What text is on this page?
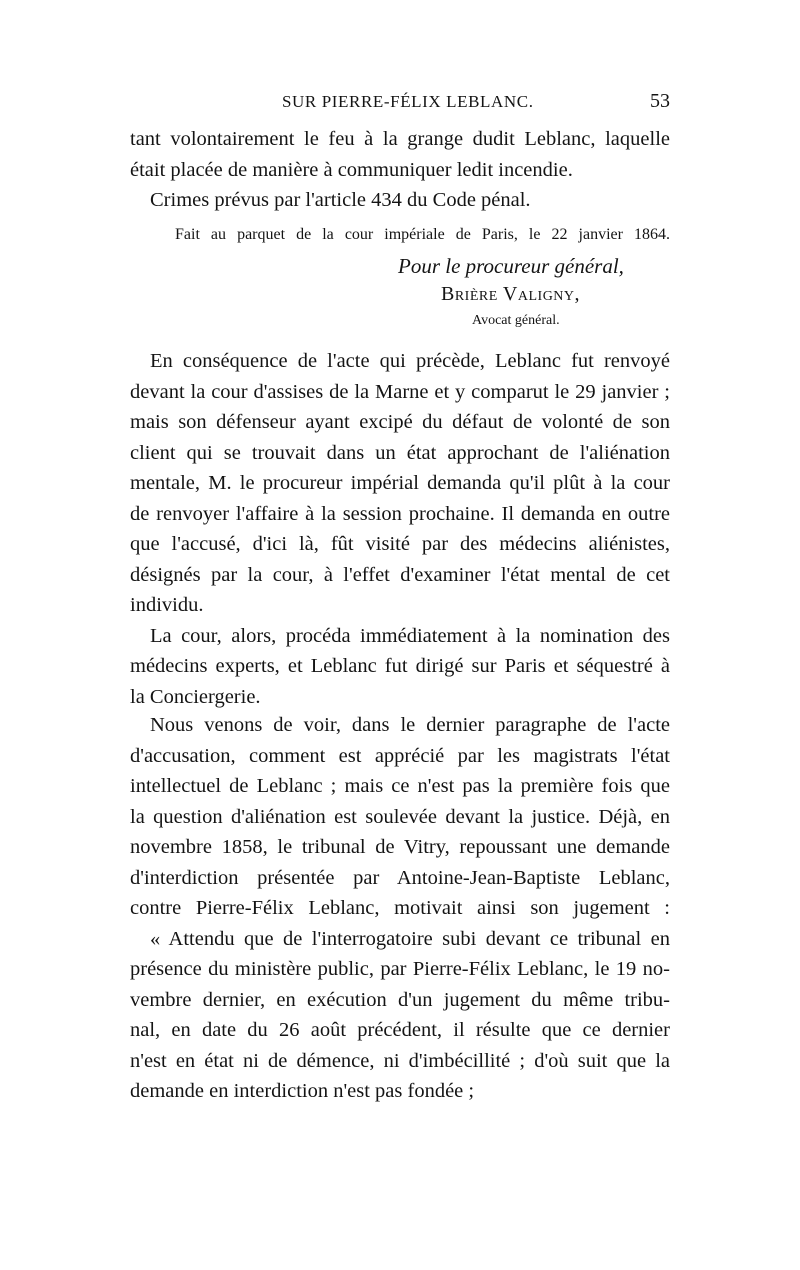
SUR PIERRE-FÉLIX LEBLANC.	53
tant volontairement le feu à la grange dudit Leblanc, laquelle
était placée de manière à communiquer ledit incendie.
Crimes prévus par l'article 434 du Code pénal.
Fait au parquet de la cour impériale de Paris, le 22 janvier 1864.
Pour le procureur général,
Brière Valigny,
Avocat général.
En conséquence de l'acte qui précède, Leblanc fut renvoyé
devant la cour d'assises de la Marne et y comparut le 29 janvier ;
mais son défenseur ayant excipé du défaut de volonté de son
client qui se trouvait dans un état approchant de l'aliénation
mentale, M. le procureur impérial demanda qu'il plût à la cour
de renvoyer l'affaire à la session prochaine. Il demanda en outre
que l'accusé, d'ici là, fût visité par des médecins aliénistes,
désignés par la cour, à l'effet d'examiner l'état mental de cet
individu.
La cour, alors, procéda immédiatement à la nomination des
médecins experts, et Leblanc fut dirigé sur Paris et séquestré à
la Conciergerie.
Nous venons de voir, dans le dernier paragraphe de l'acte
d'accusation, comment est apprécié par les magistrats l'état
intellectuel de Leblanc ; mais ce n'est pas la première fois que
la question d'aliénation est soulevée devant la justice. Déjà, en
novembre 1858, le tribunal de Vitry, repoussant une demande
d'interdiction présentée par Antoine-Jean-Baptiste Leblanc,
contre Pierre-Félix Leblanc, motivait ainsi son jugement :
« Attendu que de l'interrogatoire subi devant ce tribunal en
présence du ministère public, par Pierre-Félix Leblanc, le 19 no-
vembre dernier, en exécution d'un jugement du même tribu-
nal, en date du 26 août précédent, il résulte que ce dernier
n'est en état ni de démence, ni d'imbécillité ; d'où suit que la
demande en interdiction n'est pas fondée ;
